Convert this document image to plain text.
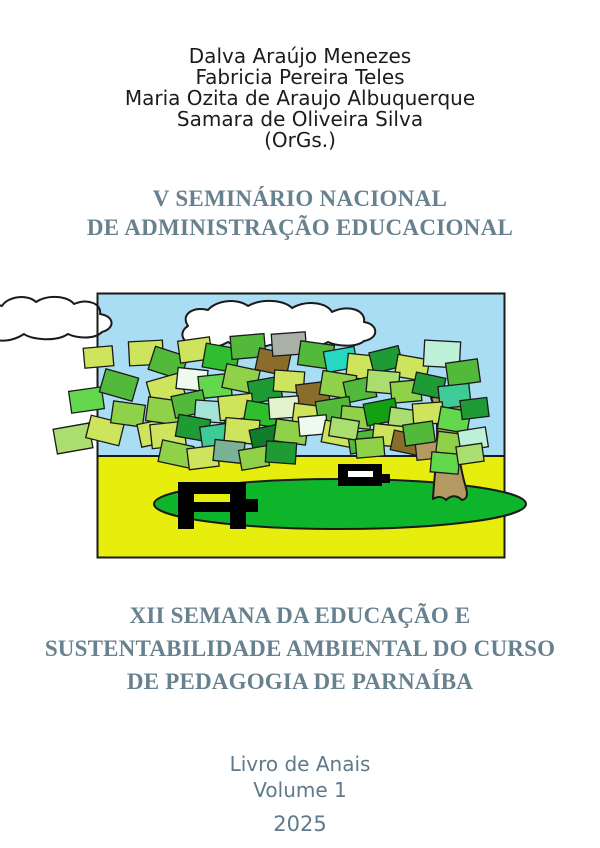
Dalva Araújo Menezes
Fabricia Pereira Teles
Maria Ozita de Araujo Albuquerque
Samara de Oliveira Silva
(OrGs.)
V SEMINÁRIO NACIONAL
DE ADMINISTRAÇÃO EDUCACIONAL
XII SEMANA DA EDUCAÇÃO E
SUSTENTABILIDADE AMBIENTAL DO CURSO
DE PEDAGOGIA DE PARNAÍBA
Livro de Anais
Volume 1
2025
